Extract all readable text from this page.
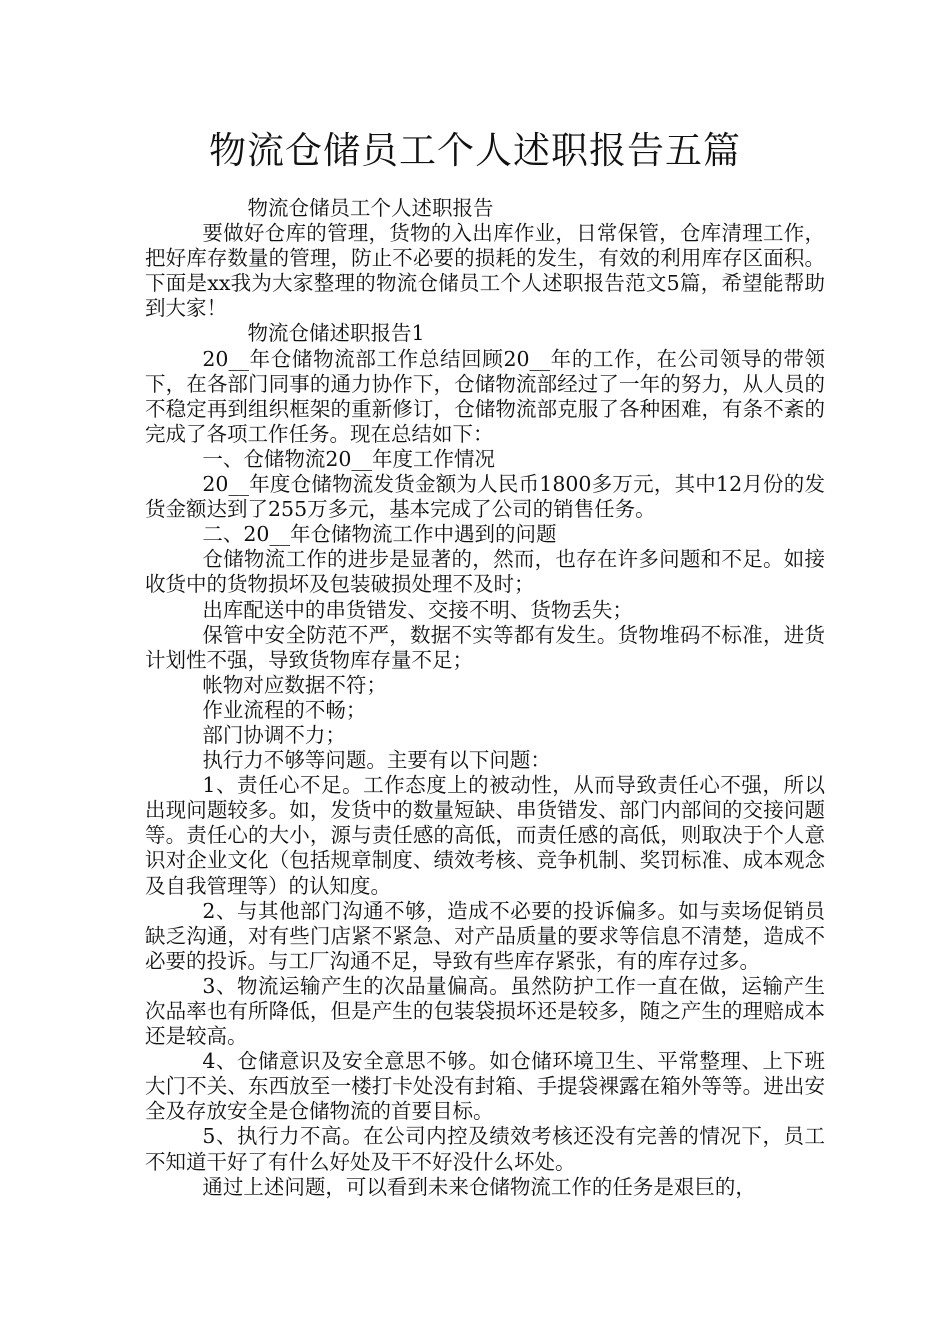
物流仓储员工个人述职报告五篇

物流仓储员工个人述职报告

要做好仓库的管理，货物的入出库作业，日常保管，仓库清理工作，把好库存数量的管理，防止不必要的损耗的发生，有效的利用库存区面积。下面是xx我为大家整理的物流仓储员工个人述职报告范文5篇，希望能帮助到大家！

物流仓储述职报告1

20__年仓储物流部工作总结回顾20__年的工作，在公司领导的带领下，在各部门同事的通力协作下，仓储物流部经过了一年的努力，从人员的不稳定再到组织框架的重新修订，仓储物流部克服了各种困难，有条不紊的完成了各项工作任务。现在总结如下：

一、仓储物流20__年度工作情况

20__年度仓储物流发货金额为人民币1800多万元，其中12月份的发货金额达到了255万多元，基本完成了公司的销售任务。

二、20__年仓储物流工作中遇到的问题

仓储物流工作的进步是显著的，然而，也存在许多问题和不足。如接收货中的货物损坏及包装破损处理不及时；

出库配送中的串货错发、交接不明、货物丢失；

保管中安全防范不严，数据不实等都有发生。货物堆码不标准，进货计划性不强，导致货物库存量不足；

帐物对应数据不符；

作业流程的不畅；

部门协调不力；

执行力不够等问题。主要有以下问题：

1、责任心不足。工作态度上的被动性，从而导致责任心不强，所以出现问题较多。如，发货中的数量短缺、串货错发、部门内部间的交接问题等。责任心的大小，源与责任感的高低，而责任感的高低，则取决于个人意识对企业文化（包括规章制度、绩效考核、竞争机制、奖罚标准、成本观念及自我管理等）的认知度。

2、与其他部门沟通不够，造成不必要的投诉偏多。如与卖场促销员缺乏沟通，对有些门店紧不紧急、对产品质量的要求等信息不清楚，造成不必要的投诉。与工厂沟通不足，导致有些库存紧张，有的库存过多。

3、物流运输产生的次品量偏高。虽然防护工作一直在做，运输产生次品率也有所降低，但是产生的包装袋损坏还是较多，随之产生的理赔成本还是较高。

4、仓储意识及安全意思不够。如仓储环境卫生、平常整理、上下班大门不关、东西放至一楼打卡处没有封箱、手提袋裸露在箱外等等。进出安全及存放安全是仓储物流的首要目标。

5、执行力不高。在公司内控及绩效考核还没有完善的情况下，员工不知道干好了有什么好处及干不好没什么坏处。

通过上述问题，可以看到未来仓储物流工作的任务是艰巨的，
